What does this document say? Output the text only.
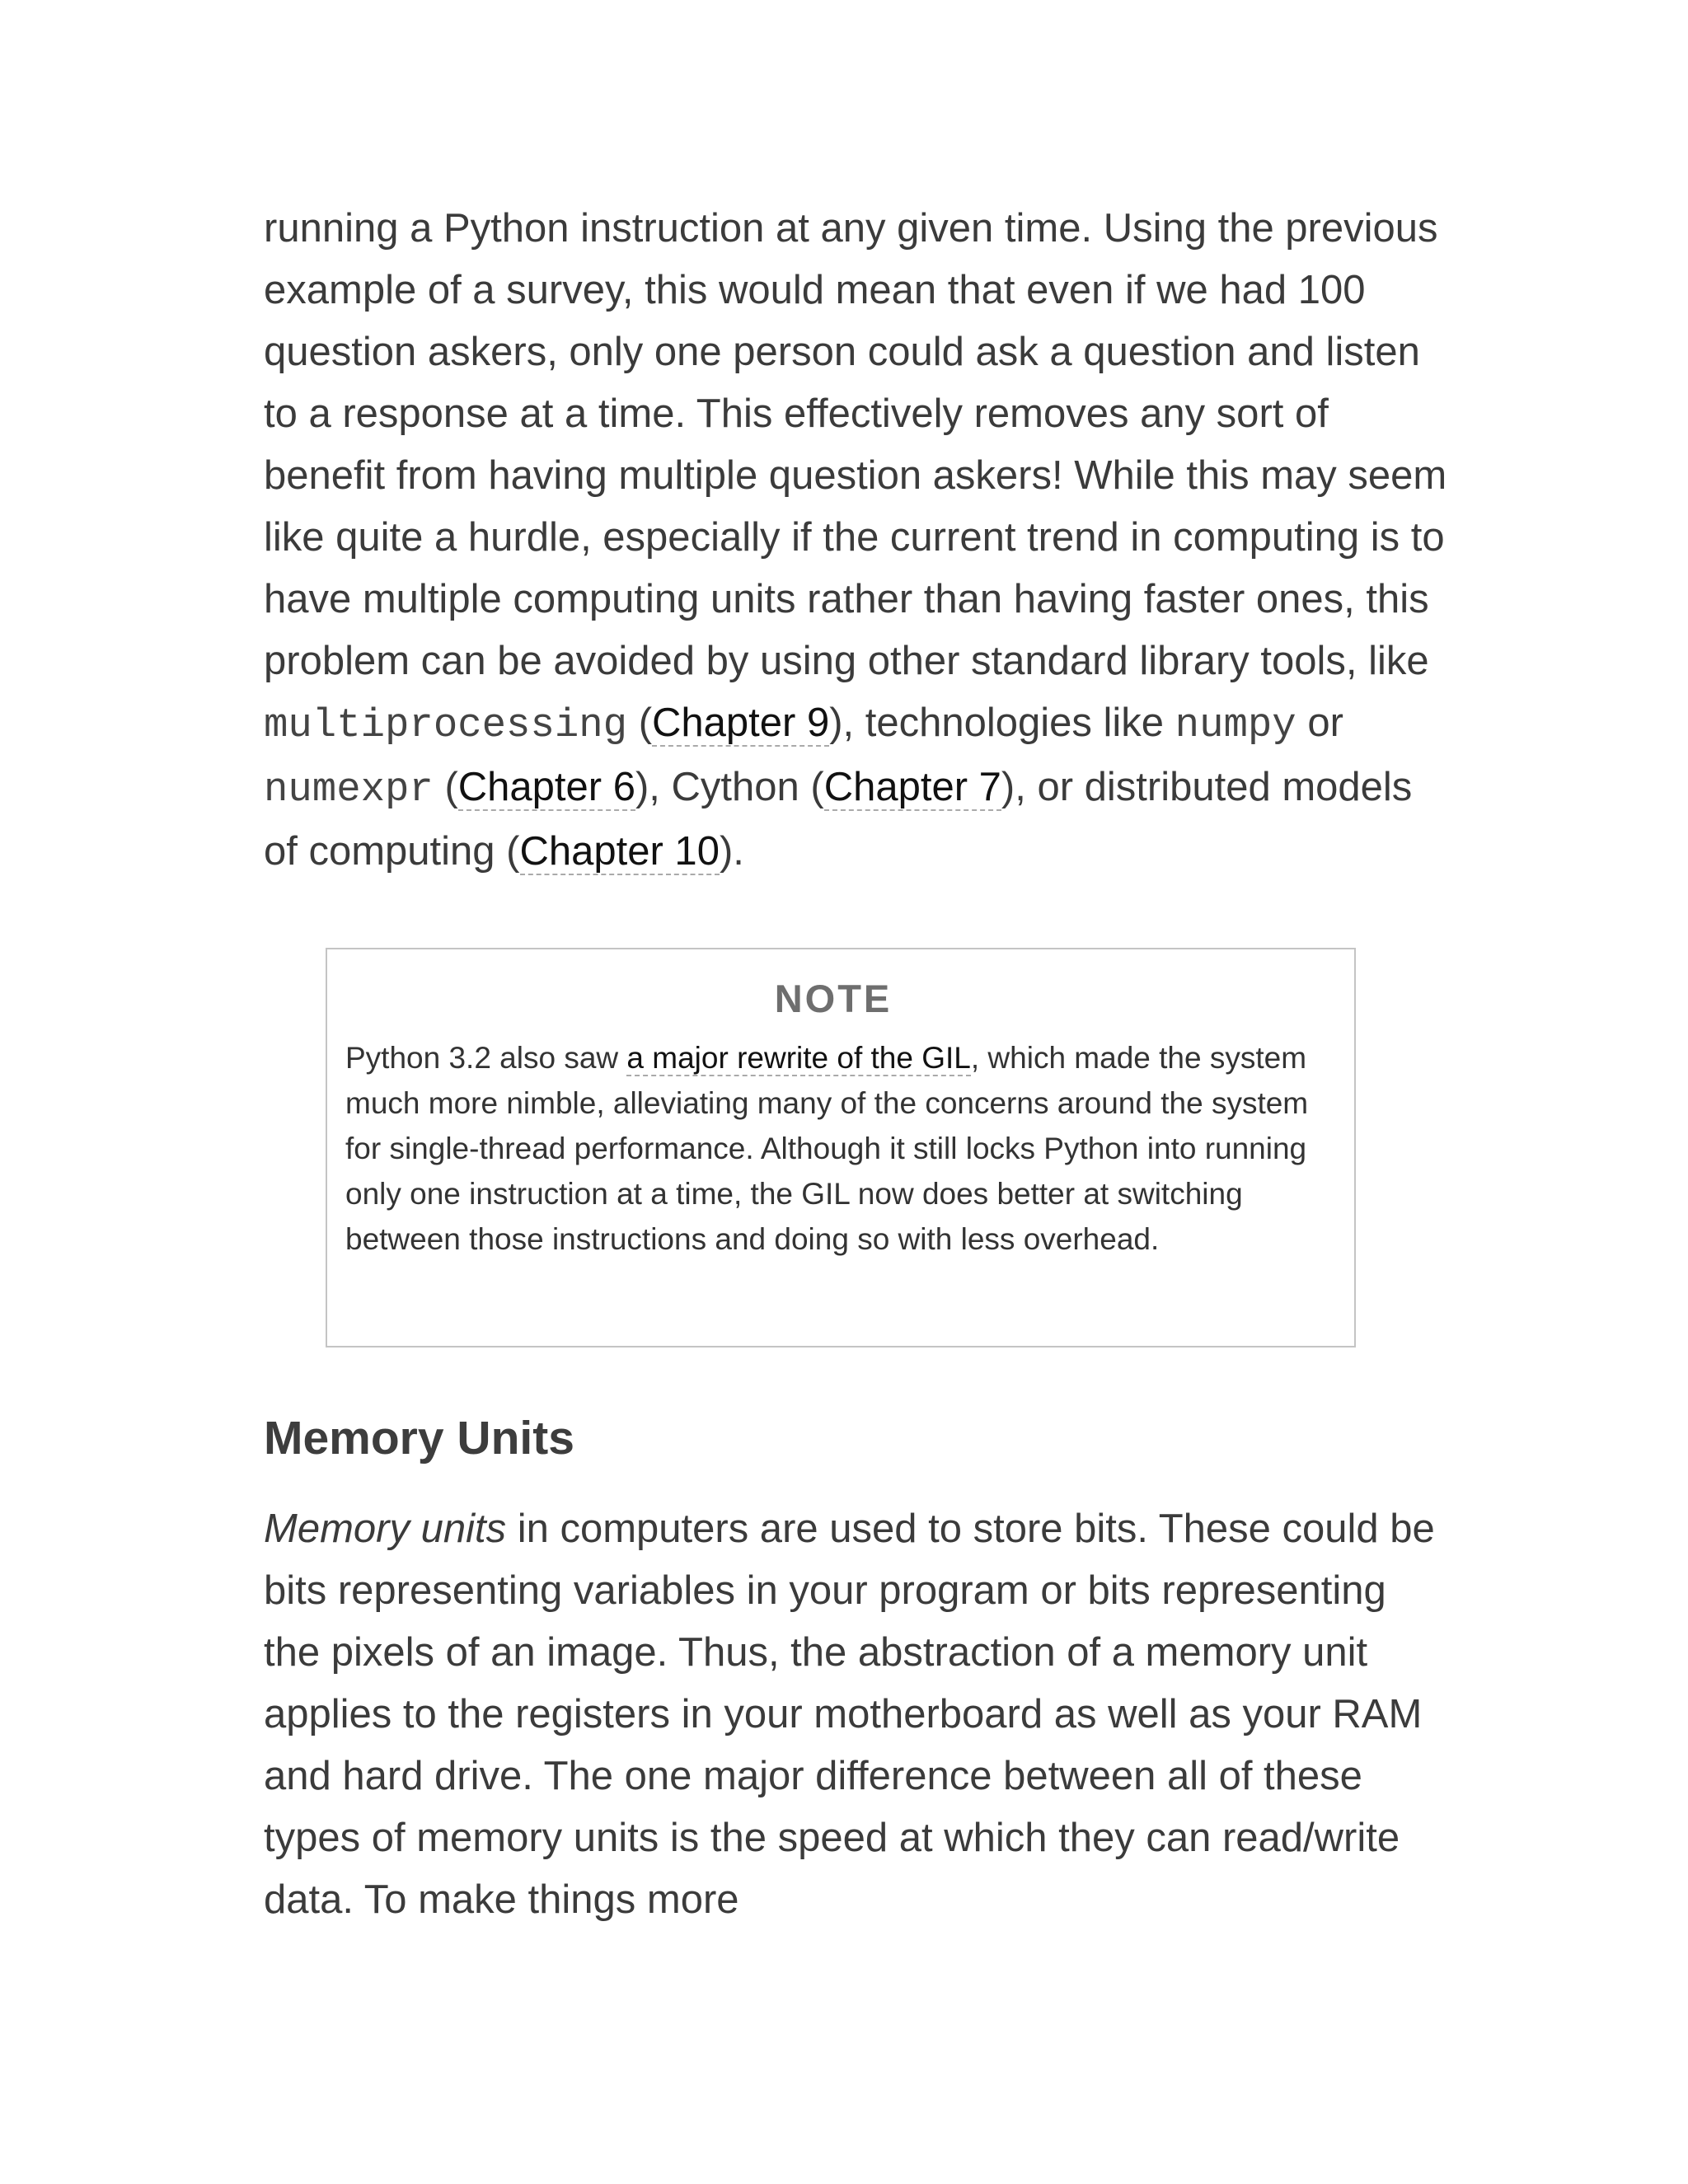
running a Python instruction at any given time. Using the previous example of a survey, this would mean that even if we had 100 question askers, only one person could ask a question and listen to a response at a time. This effectively removes any sort of benefit from having multiple question askers! While this may seem like quite a hurdle, especially if the current trend in computing is to have multiple computing units rather than having faster ones, this problem can be avoided by using other standard library tools, like multiprocessing (Chapter 9), technologies like numpy or numexpr (Chapter 6), Cython (Chapter 7), or distributed models of computing (Chapter 10).

NOTE

Python 3.2 also saw a major rewrite of the GIL, which made the system much more nimble, alleviating many of the concerns around the system for single-thread performance. Although it still locks Python into running only one instruction at a time, the GIL now does better at switching between those instructions and doing so with less overhead.

Memory Units

Memory units in computers are used to store bits. These could be bits representing variables in your program or bits representing the pixels of an image. Thus, the abstraction of a memory unit applies to the registers in your motherboard as well as your RAM and hard drive. The one major difference between all of these types of memory units is the speed at which they can read/write data. To make things more
